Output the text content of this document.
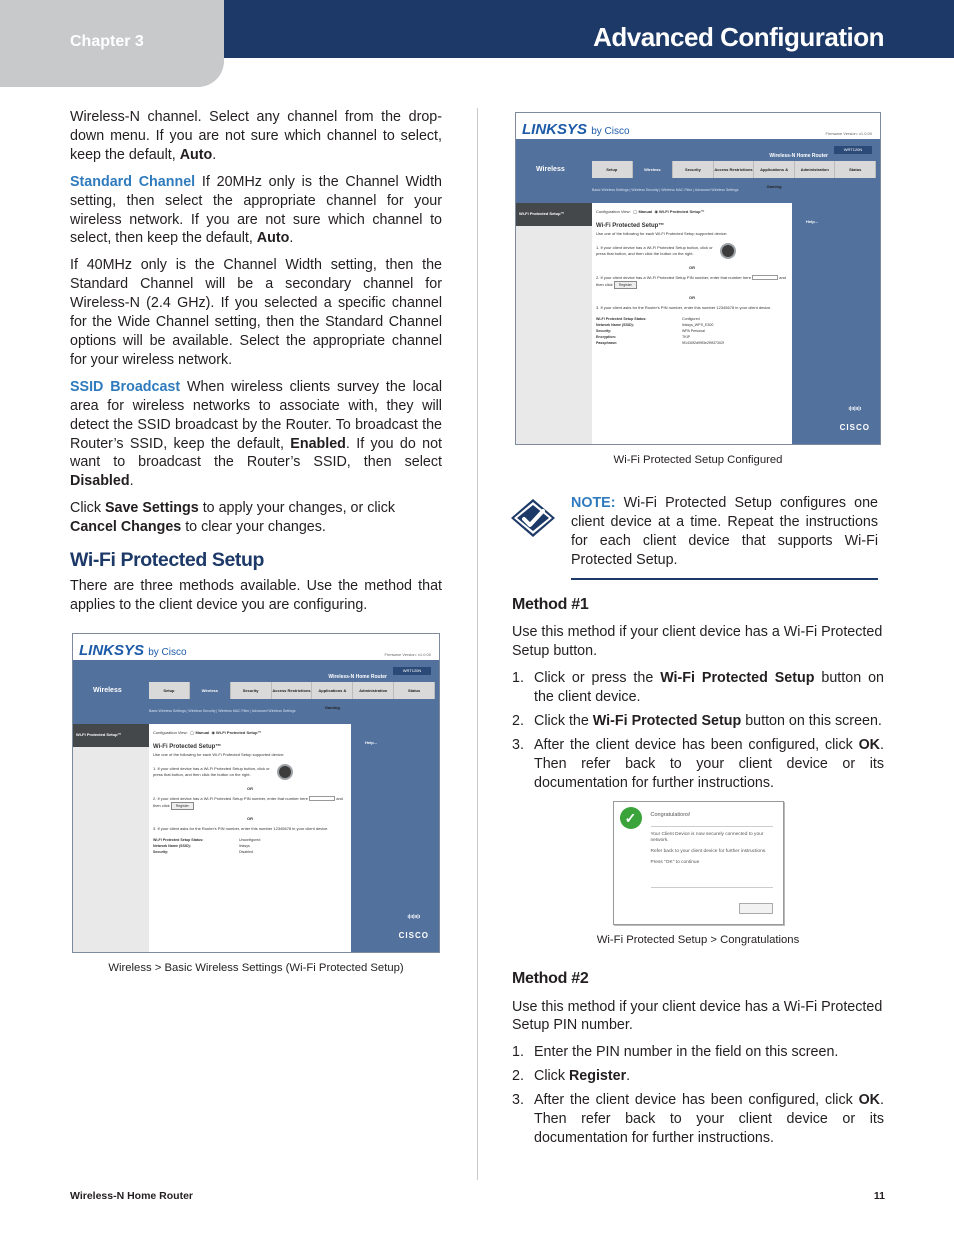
Chapter 3	Advanced Configuration

Wireless-N channel. Select any channel from the drop-down menu. If you are not sure which channel to select, keep the default, Auto.

Standard Channel If 20MHz only is the Channel Width setting, then select the appropriate channel for your wireless network. If you are not sure which channel to select, then keep the default, Auto.

If 40MHz only is the Channel Width setting, then the Standard Channel will be a secondary channel for Wireless-N (2.4 GHz). If you selected a specific channel for the Wide Channel setting, then the Standard Channel options will be available. Select the appropriate channel for your wireless network.

SSID Broadcast When wireless clients survey the local area for wireless networks to associate with, they will detect the SSID broadcast by the Router. To broadcast the Router’s SSID, keep the default, Enabled. If you do not want to broadcast the Router’s SSID, then select Disabled.

Click Save Settings to apply your changes, or click Cancel Changes to clear your changes.

Wi-Fi Protected Setup

There are three methods available. Use the method that applies to the client device you are configuring.

LINKSYS by Cisco	Firmware Version: v1.0.00
Wireless
Wireless-N Home Router
WRT120N
Setup	Wireless	Security	Access Restrictions	Applications & Gaming
Administration	Status
Basic Wireless Settings | Wireless Security | Wireless MAC Filter | Advanced Wireless Settings
Wi-Fi Protected Setup™
Help...
ı|ıı|ıı|ı
CISCO
Configuration View:  ◯ Manual  ◉ Wi-Fi Protected Setup™
Wi-Fi Protected Setup™
Use one of the following for each Wi-Fi Protected Setup supported device:
1. If your client device has a Wi-Fi Protected Setup button, click or press that button, and then click the button on the right.
OR
2. If your client device has a Wi-Fi Protected Setup PIN number, enter that number here	and then click Register
OR
3. If your client asks for the Router's PIN number, enter this number 12345678 in your client device.
Wi-Fi Protected Setup Status:	Unconfigured
Network Name (SSID):	linksys
Security:	Disabled
Wireless > Basic Wireless Settings (Wi-Fi Protected Setup)
LINKSYS by Cisco	Firmware Version: v1.0.00
Wireless
Wireless-N Home Router
WRT120N
Setup	Wireless	Security	Access Restrictions	Applications & Gaming
Administration	Status
Basic Wireless Settings | Wireless Security | Wireless MAC Filter | Advanced Wireless Settings
Wi-Fi Protected Setup™
Help...
ı|ıı|ıı|ı
CISCO
Configuration View:  ◯ Manual  ◉ Wi-Fi Protected Setup™
Wi-Fi Protected Setup™
Use one of the following for each Wi-Fi Protected Setup supported device:
1. If your client device has a Wi-Fi Protected Setup button, click or press that button, and then click the button on the right.
OR
2. If your client device has a Wi-Fi Protected Setup PIN number, enter that number here	and then click Register
OR
3. If your client asks for the Router's PIN number, enter this number 12345678 in your client device.
Wi-Fi Protected Setup Status:	Configured
Network Name (SSID):	linksys_WPS_E300
Security:	WPA Personal
Encryption:	TKIP
Passphrase:	9f1430f2d99f3e2f9f37302f
Wi-Fi Protected Setup Configured
NOTE: Wi-Fi Protected Setup configures one client device at a time. Repeat the instructions for each client device that supports Wi-Fi Protected Setup.
Method #1

Use this method if your client device has a Wi-Fi Protected Setup button.

1. Click or press the Wi-Fi Protected Setup button on the client device.
2. Click the Wi-Fi Protected Setup button on this screen.
3. After the client device has been configured, click OK. Then refer back to your client device or its documentation for further instructions.
✓	Congratulations!
Your Client Device is now securely connected to your network.
Refer back to your client device for further instructions.
Press "OK" to continue
Wi-Fi Protected Setup > Congratulations
Method #2

Use this method if your client device has a Wi-Fi Protected Setup PIN number.

1. Enter the PIN number in the field on this screen.
2. Click Register.
3. After the client device has been configured, click OK. Then refer back to your client device or its documentation for further instructions.
Wireless-N Home Router	11
